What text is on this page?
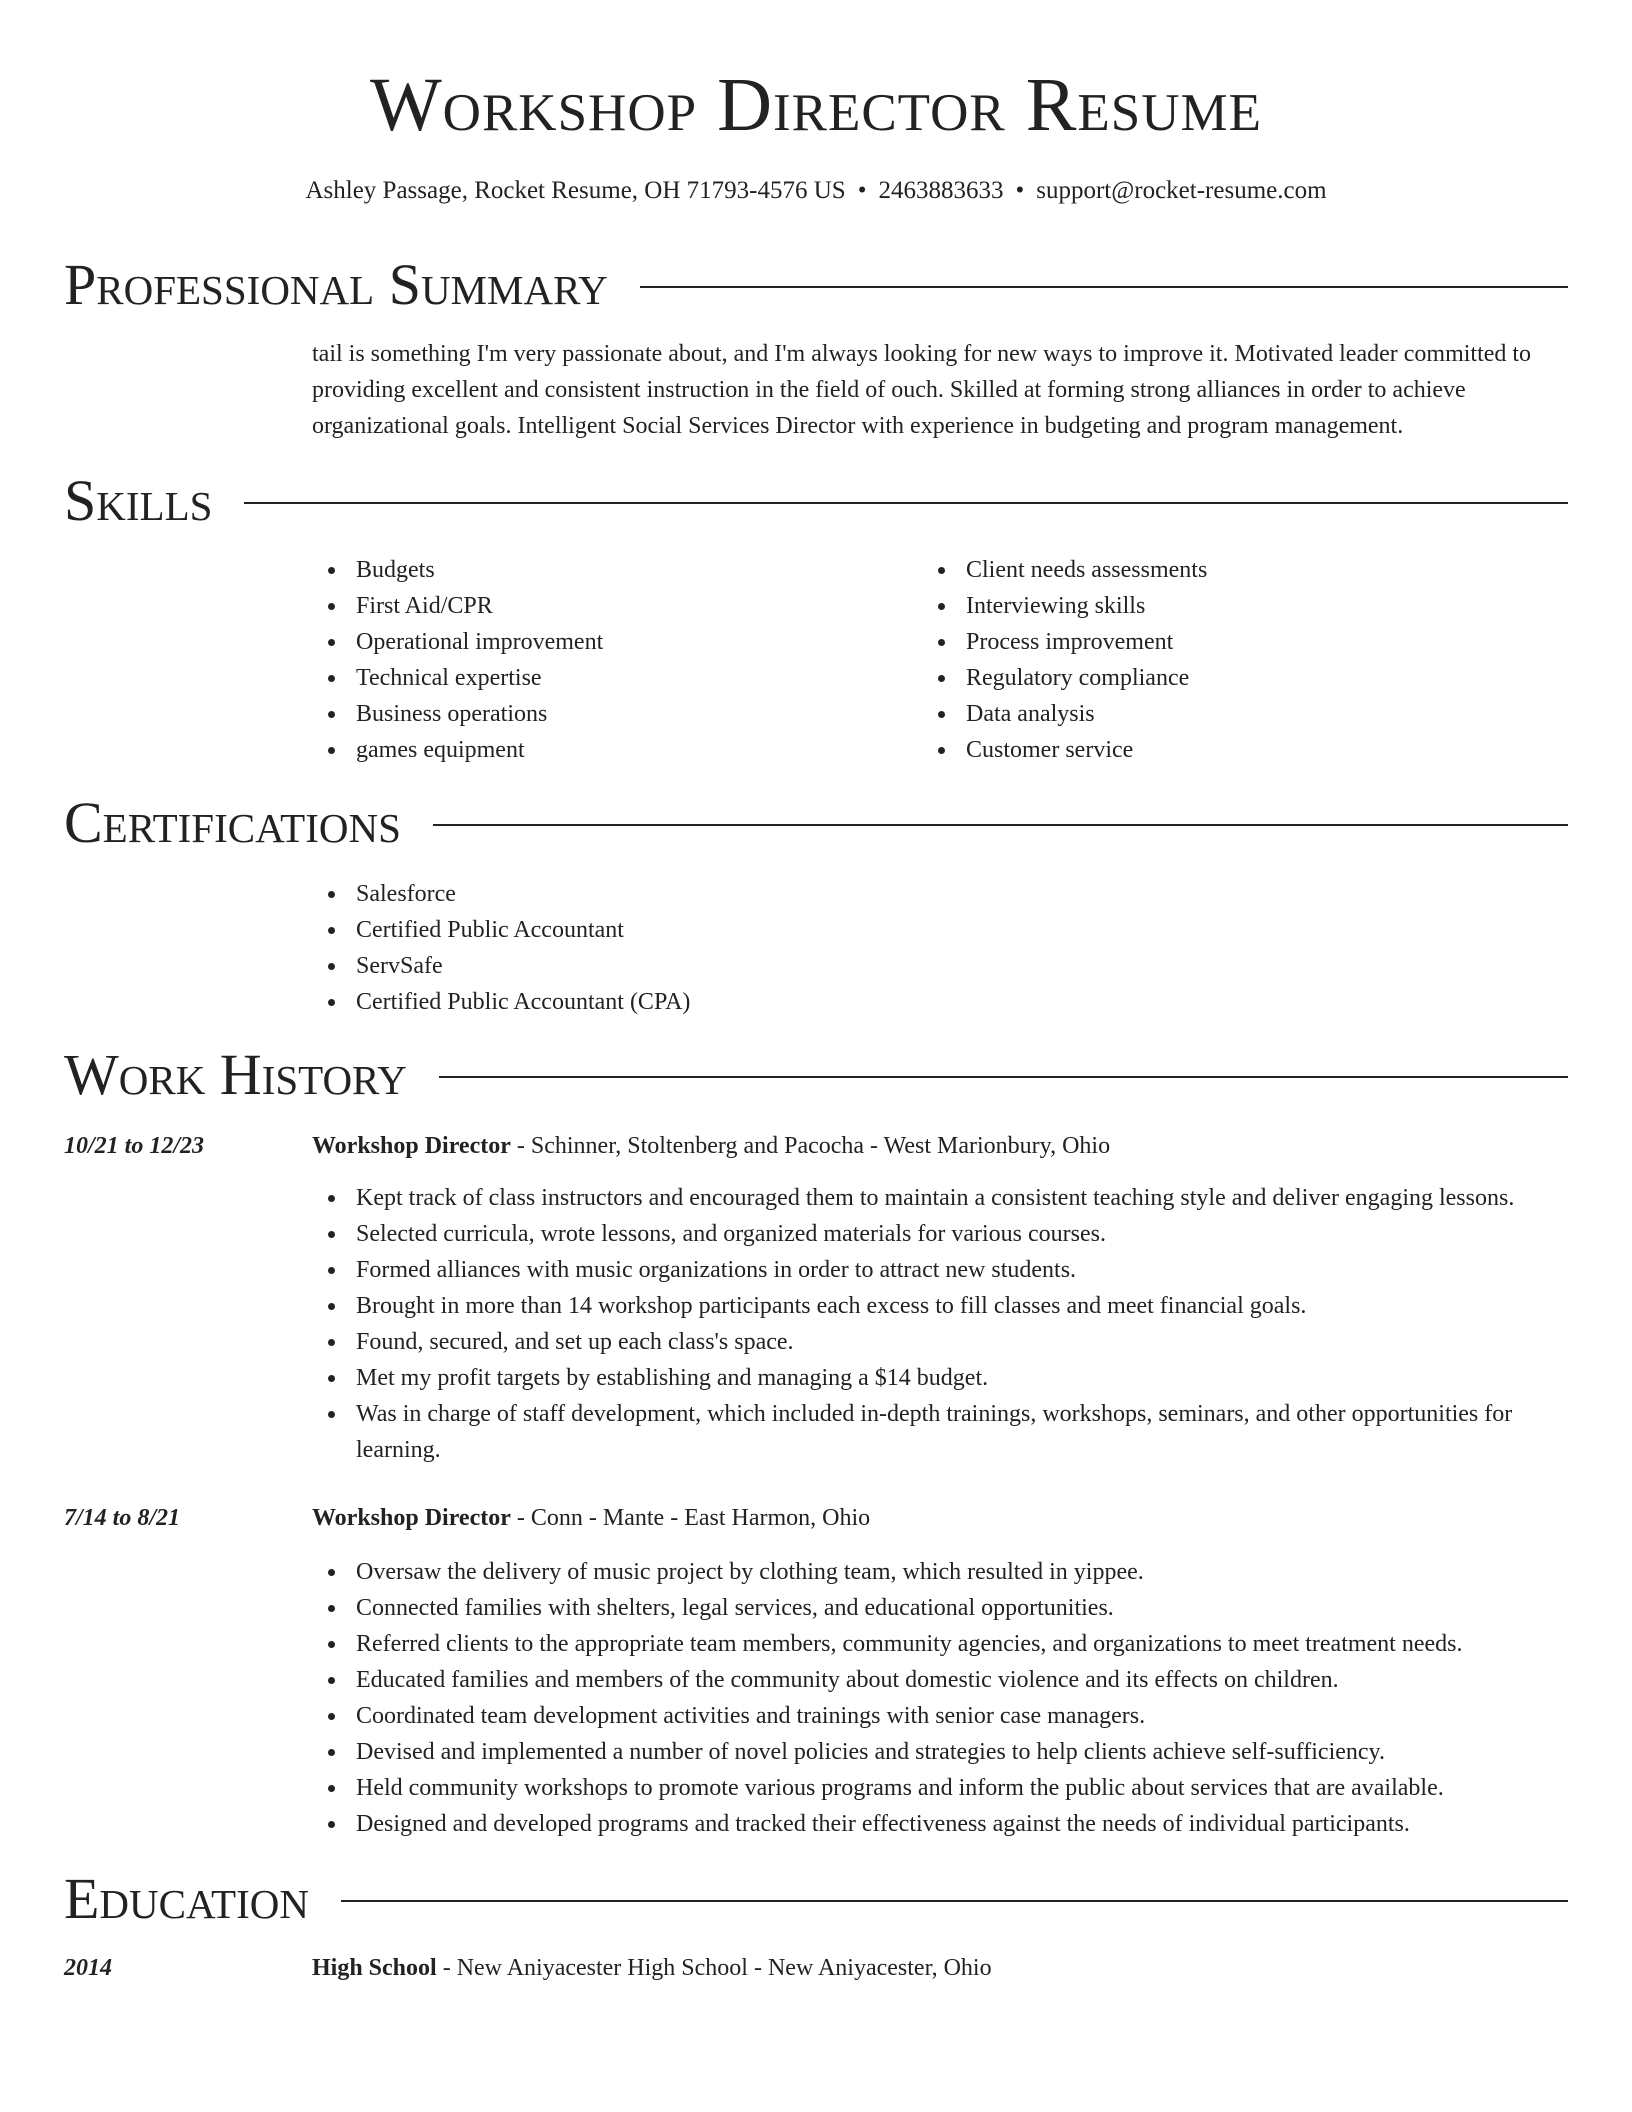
Workshop Director Resume
Ashley Passage, Rocket Resume, OH 71793-4576 US • 2463883633 • support@rocket-resume.com
Professional Summary

tail is something I'm very passionate about, and I'm always looking for new ways to improve it. Motivated leader committed to providing excellent and consistent instruction in the field of ouch. Skilled at forming strong alliances in order to achieve organizational goals. Intelligent Social Services Director with experience in budgeting and program management.

Skills
Budgets
First Aid/CPR
Operational improvement
Technical expertise
Business operations
games equipment
Client needs assessments
Interviewing skills
Process improvement
Regulatory compliance
Data analysis
Customer service
Certifications
Salesforce
Certified Public Accountant
ServSafe
Certified Public Accountant (CPA)
Work History
10/21 to 12/23	Workshop Director - Schinner, Stoltenberg and Pacocha - West Marionbury, Ohio
Kept track of class instructors and encouraged them to maintain a consistent teaching style and deliver engaging lessons.
Selected curricula, wrote lessons, and organized materials for various courses.
Formed alliances with music organizations in order to attract new students.
Brought in more than 14 workshop participants each excess to fill classes and meet financial goals.
Found, secured, and set up each class's space.
Met my profit targets by establishing and managing a $14 budget.
Was in charge of staff development, which included in-depth trainings, workshops, seminars, and other opportunities for learning.
7/14 to 8/21	Workshop Director - Conn - Mante - East Harmon, Ohio
Oversaw the delivery of music project by clothing team, which resulted in yippee.
Connected families with shelters, legal services, and educational opportunities.
Referred clients to the appropriate team members, community agencies, and organizations to meet treatment needs.
Educated families and members of the community about domestic violence and its effects on children.
Coordinated team development activities and trainings with senior case managers.
Devised and implemented a number of novel policies and strategies to help clients achieve self-sufficiency.
Held community workshops to promote various programs and inform the public about services that are available.
Designed and developed programs and tracked their effectiveness against the needs of individual participants.
Education
2014	High School - New Aniyacester High School - New Aniyacester, Ohio
